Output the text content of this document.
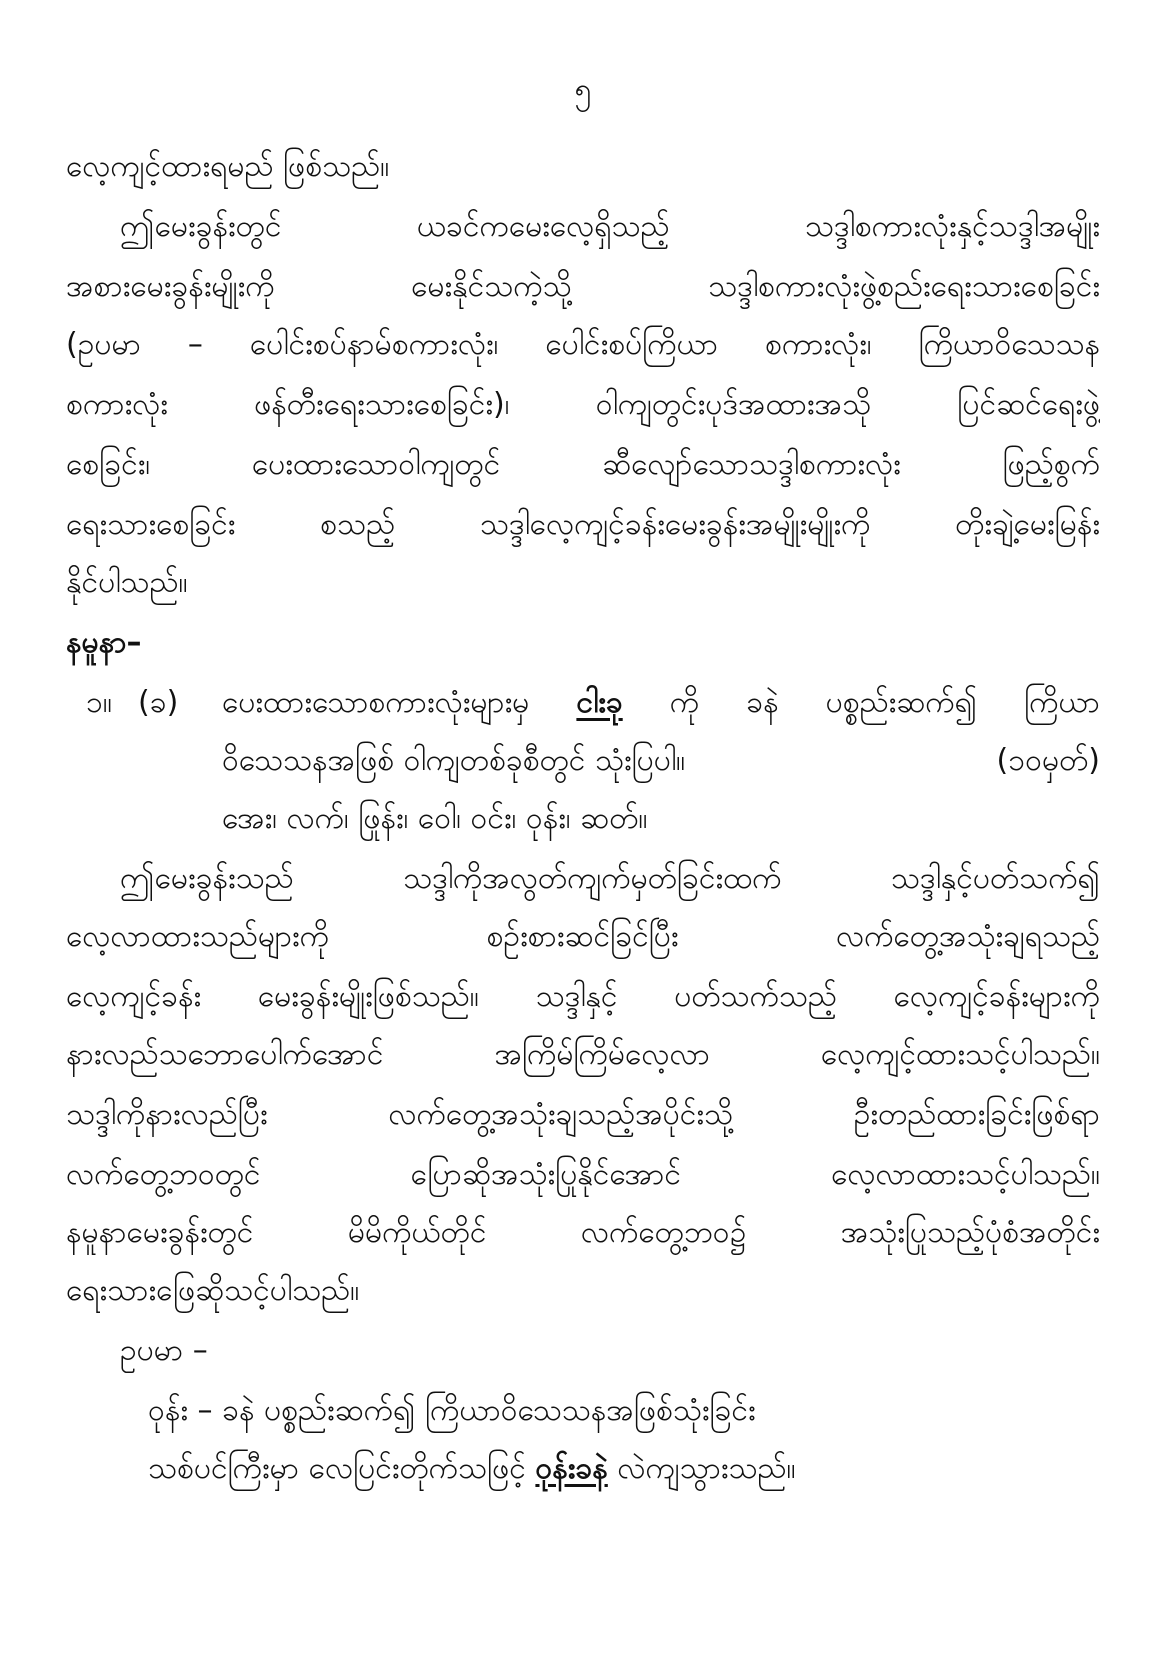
၅
လေ့ကျင့်ထားရမည် ဖြစ်သည်။
ဤမေးခွန်းတွင် ယခင်ကမေးလေ့ရှိသည့် သဒ္ဒါစကားလုံးနှင့်သဒ္ဒါအမျိုး
အစားမေးခွန်းမျိုးကို မေးနိုင်သကဲ့သို့ သဒ္ဒါစကားလုံးဖွဲ့စည်းရေးသားစေခြင်း
(ဥပမာ – ပေါင်းစပ်နာမ်စကားလုံး၊ ပေါင်းစပ်ကြိယာ စကားလုံး၊ ကြိယာဝိသေသန
စကားလုံး ဖန်တီးရေးသားစေခြင်း)၊ ဝါကျတွင်းပုဒ်အထားအသို ပြင်ဆင်ရေးဖွဲ့
စေခြင်း၊ ပေးထားသောဝါကျတွင် ဆီလျော်သောသဒ္ဒါစကားလုံး ဖြည့်စွက်
ရေးသားစေခြင်း စသည့် သဒ္ဒါလေ့ကျင့်ခန်းမေးခွန်းအမျိုးမျိုးကို တိုးချဲ့မေးမြန်း
နိုင်ပါသည်။
နမူနာ–
၁။ (ခ) ပေးထားသောစကားလုံးများမှ ငါးခု ကို ခနဲ ပစ္စည်းဆက်၍ ကြိယာ
ဝိသေသနအဖြစ် ဝါကျတစ်ခုစီတွင် သုံးပြပါ။	(၁၀မှတ်)
အေး၊ လက်၊ ဖြုန်း၊ ဝေါ၊ ဝင်း၊ ဝုန်း၊ ဆတ်။
ဤမေးခွန်းသည် သဒ္ဒါကိုအလွတ်ကျက်မှတ်ခြင်းထက် သဒ္ဒါနှင့်ပတ်သက်၍
လေ့လာထားသည်များကို စဉ်းစားဆင်ခြင်ပြီး လက်တွေ့အသုံးချရသည့်
လေ့ကျင့်ခန်း မေးခွန်းမျိုးဖြစ်သည်။ သဒ္ဒါနှင့် ပတ်သက်သည့် လေ့ကျင့်ခန်းများကို
နားလည်သဘောပေါက်အောင် အကြိမ်ကြိမ်လေ့လာ လေ့ကျင့်ထားသင့်ပါသည်။
သဒ္ဒါကိုနားလည်ပြီး လက်တွေ့အသုံးချသည့်အပိုင်းသို့ ဦးတည်ထားခြင်းဖြစ်ရာ
လက်တွေ့ဘဝတွင် ပြောဆိုအသုံးပြုနိုင်အောင် လေ့လာထားသင့်ပါသည်။
နမူနာမေးခွန်းတွင် မိမိကိုယ်တိုင် လက်တွေ့ဘဝ၌ အသုံးပြုသည့်ပုံစံအတိုင်း
ရေးသားဖြေဆိုသင့်ပါသည်။
ဥပမာ –
ဝုန်း – ခနဲ ပစ္စည်းဆက်၍ ကြိယာဝိသေသနအဖြစ်သုံးခြင်း
သစ်ပင်ကြီးမှာ လေပြင်းတိုက်သဖြင့် ဝုန်းခနဲ လဲကျသွားသည်။
